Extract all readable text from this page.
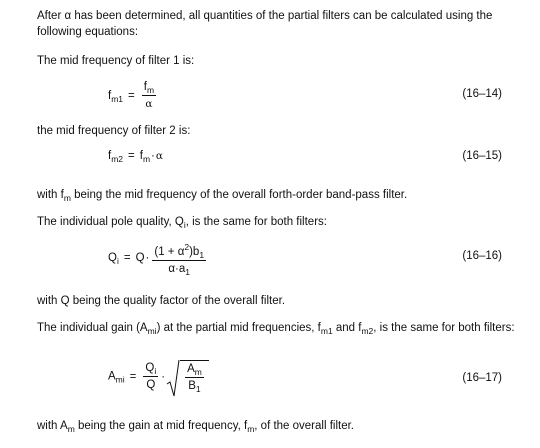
After α has been determined, all quantities of the partial filters can be calculated using the following equations:

The mid frequency of filter 1 is:

$f_{m1} = \frac{f_m}{\alpha}$	(16–14)

the mid frequency of filter 2 is:

$f_{m2} = f_m\cdot\alpha$	(16–15)

with $f_m$ being the mid frequency of the overall forth-order band-pass filter.

The individual pole quality, $Q_i$, is the same for both filters:

$Q_i = Q\cdot \frac{(1 + \alpha^2)b_1}{\alpha\cdot a_1}$	(16–16)

with Q being the quality factor of the overall filter.

The individual gain $(A_{mi})$ at the partial mid frequencies, $f_{m1}$ and $f_{m2}$, is the same for both filters:

$A_{mi} = \frac{Q_i}{Q} \cdot \frac{A_m}{B_1}$	(16–17)

with $A_m$ being the gain at mid frequency, $f_m$, of the overall filter.
